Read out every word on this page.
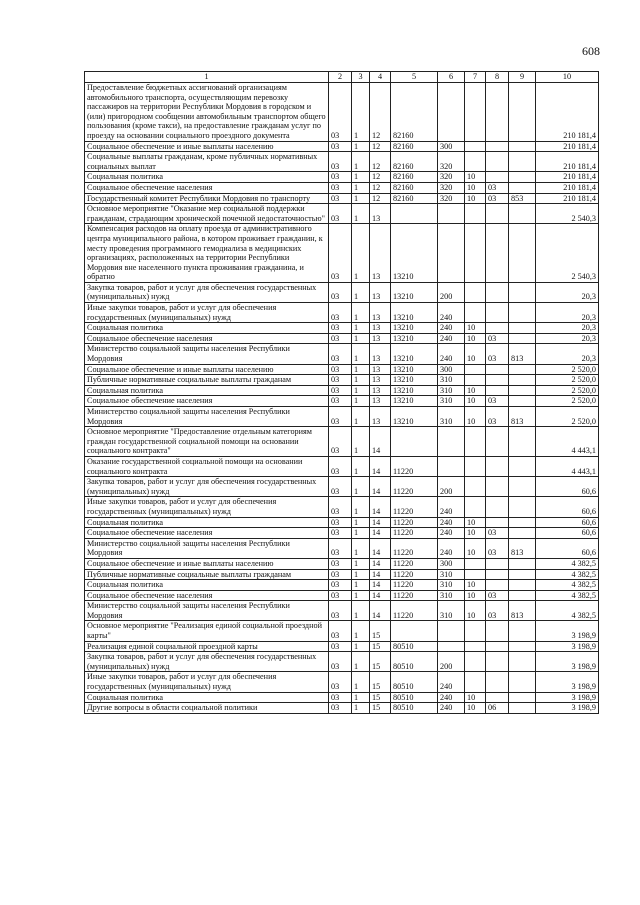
608
1	2	3	4	5	6	7	8	9	10
Предоставление бюджетных ассигнований организациям автомобильного транспорта, осуществляющим перевозку пассажиров на территории Республики Мордовия в городском и (или) пригородном сообщении автомобильным транспортом общего пользования (кроме такси), на предоставление гражданам услуг по проезду на основании социального проездного документа	03	1	12	82160					210 181,4
Социальное обеспечение и иные выплаты населению	03	1	12	82160	300				210 181,4
Социальные выплаты гражданам, кроме публичных нормативных социальных выплат	03	1	12	82160	320				210 181,4
Социальная политика	03	1	12	82160	320	10			210 181,4
Социальное обеспечение населения	03	1	12	82160	320	10	03		210 181,4
Государственный комитет Республики Мордовия по транспорту	03	1	12	82160	320	10	03	853	210 181,4
Основное мероприятие "Оказание мер социальной поддержки гражданам, страдающим хронической почечной недостаточностью"	03	1	13						2 540,3
Компенсация расходов на оплату проезда от административного центра муниципального района, в котором проживает гражданин, к месту проведения программного гемодиализа в медицинских организациях, расположенных на территории Республики Мордовия вне населенного пункта проживания гражданина, и обратно	03	1	13	13210					2 540,3
Закупка товаров, работ и услуг для обеспечения государственных (муниципальных) нужд	03	1	13	13210	200				20,3
Иные закупки товаров, работ и услуг для обеспечения государственных (муниципальных) нужд	03	1	13	13210	240				20,3
Социальная политика	03	1	13	13210	240	10			20,3
Социальное обеспечение населения	03	1	13	13210	240	10	03		20,3
Министерство социальной защиты населения Республики Мордовия	03	1	13	13210	240	10	03	813	20,3
Социальное обеспечение и иные выплаты населению	03	1	13	13210	300				2 520,0
Публичные нормативные социальные выплаты гражданам	03	1	13	13210	310				2 520,0
Социальная политика	03	1	13	13210	310	10			2 520,0
Социальное обеспечение населения	03	1	13	13210	310	10	03		2 520,0
Министерство социальной защиты населения Республики Мордовия	03	1	13	13210	310	10	03	813	2 520,0
Основное мероприятие "Предоставление отдельным категориям граждан государственной социальной помощи на основании социального контракта"	03	1	14						4 443,1
Оказание государственной социальной помощи на основании социального контракта	03	1	14	11220					4 443,1
Закупка товаров, работ и услуг для обеспечения государственных (муниципальных) нужд	03	1	14	11220	200				60,6
Иные закупки товаров, работ и услуг для обеспечения государственных (муниципальных) нужд	03	1	14	11220	240				60,6
Социальная политика	03	1	14	11220	240	10			60,6
Социальное обеспечение населения	03	1	14	11220	240	10	03		60,6
Министерство социальной защиты населения Республики Мордовия	03	1	14	11220	240	10	03	813	60,6
Социальное обеспечение и иные выплаты населению	03	1	14	11220	300				4 382,5
Публичные нормативные социальные выплаты гражданам	03	1	14	11220	310				4 382,5
Социальная политика	03	1	14	11220	310	10			4 382,5
Социальное обеспечение населения	03	1	14	11220	310	10	03		4 382,5
Министерство социальной защиты населения Республики Мордовия	03	1	14	11220	310	10	03	813	4 382,5
Основное мероприятие "Реализация единой социальной проездной карты"	03	1	15						3 198,9
Реализация единой социальной проездной карты	03	1	15	80510					3 198,9
Закупка товаров, работ и услуг для обеспечения государственных (муниципальных) нужд	03	1	15	80510	200				3 198,9
Иные закупки товаров, работ и услуг для обеспечения государственных (муниципальных) нужд	03	1	15	80510	240				3 198,9
Социальная политика	03	1	15	80510	240	10			3 198,9
Другие вопросы в области социальной политики	03	1	15	80510	240	10	06		3 198,9
